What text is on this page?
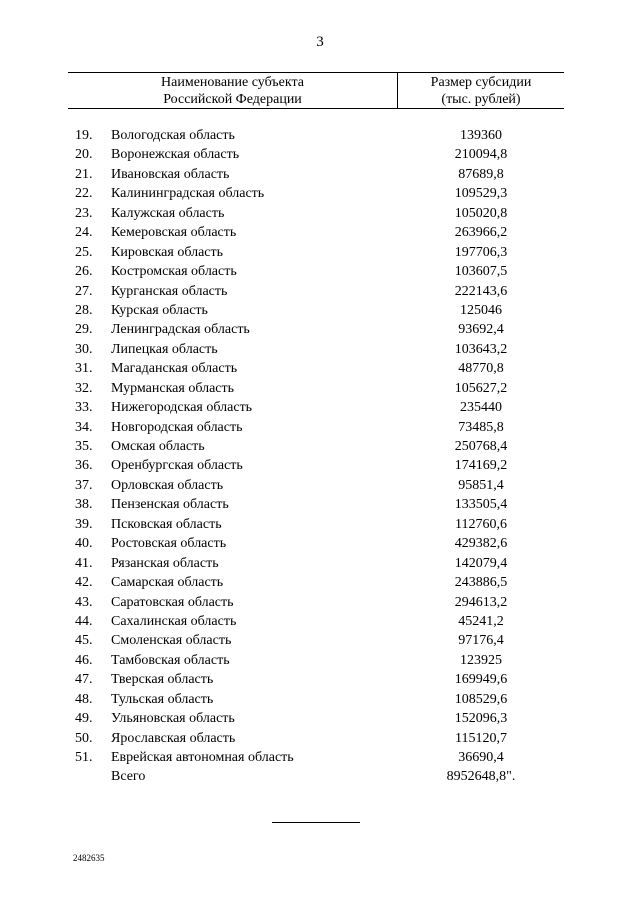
3
Наименование субъекта
Российской Федерации
Размер субсидии
(тыс. рублей)
19.	Вологодская область	139360
20.	Воронежская область	210094,8
21.	Ивановская область	87689,8
22.	Калининградская область	109529,3
23.	Калужская область	105020,8
24.	Кемеровская область	263966,2
25.	Кировская область	197706,3
26.	Костромская область	103607,5
27.	Курганская область	222143,6
28.	Курская область	125046
29.	Ленинградская область	93692,4
30.	Липецкая область	103643,2
31.	Магаданская область	48770,8
32.	Мурманская область	105627,2
33.	Нижегородская область	235440
34.	Новгородская область	73485,8
35.	Омская область	250768,4
36.	Оренбургская область	174169,2
37.	Орловская область	95851,4
38.	Пензенская область	133505,4
39.	Псковская область	112760,6
40.	Ростовская область	429382,6
41.	Рязанская область	142079,4
42.	Самарская область	243886,5
43.	Саратовская область	294613,2
44.	Сахалинская область	45241,2
45.	Смоленская область	97176,4
46.	Тамбовская область	123925
47.	Тверская область	169949,6
48.	Тульская область	108529,6
49.	Ульяновская область	152096,3
50.	Ярославская область	115120,7
51.	Еврейская автономная область	36690,4
Всего	8952648,8".
2482635
